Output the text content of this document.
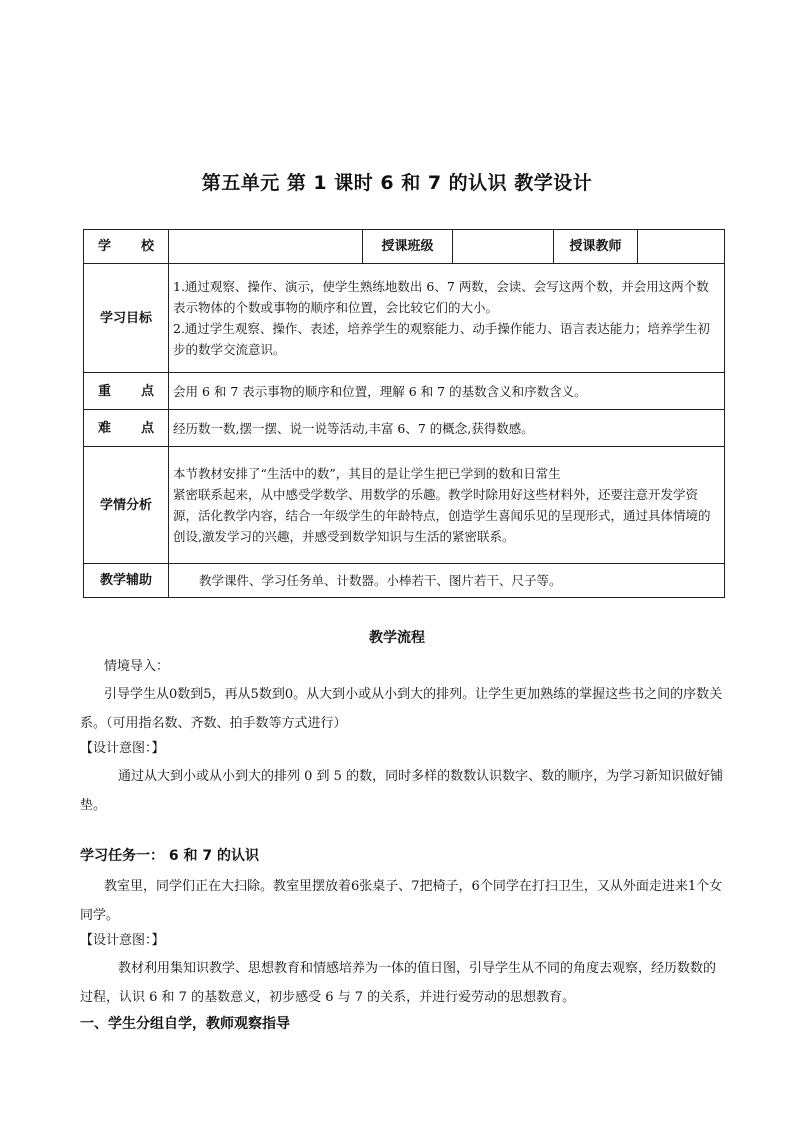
第五单元 第 1 课时 6 和 7 的认识 教学设计
学 校		授课班级		授课教师	
学习目标	1.通过观察、操作、演示，使学生熟练地数出 6、7 两数，会读、会写这两个数，并会用这两个数表示物体的个数或事物的顺序和位置，会比较它们的大小。
2.通过学生观察、操作、表述，培养学生的观察能力、动手操作能力、语言表达能力；培养学生初步的数学交流意识。				

重 点	会用 6 和 7 表示事物的顺序和位置，理解 6 和 7 的基数含义和序数含义。				
难 点	经历数一数,摆一摆、说一说等活动,丰富 6、7 的概念,获得数感。				
学情分析	本节教材安排了“生活中的数”，其目的是让学生把已学到的数和日常生
紧密联系起来，从中感受学数学、用数学的乐趣。教学时除用好这些材料外，还要注意开发学资源，活化教学内容，结合一年级学生的年龄特点，创造学生喜闻乐见的呈现形式，通过具体情境的创设,激发学习的兴趣，并感受到数学知识与生活的紧密联系。				

教学辅助	教学课件、学习任务单、计数器。小棒若干、图片若干、尺子等。				
教学流程

情境导入：

引导学生从0数到5，再从5数到0。从大到小或从小到大的排列。让学生更加熟练的掌握这些书之间的序数关系。（可用指名数、齐数、拍手数等方式进行）

【设计意图：】

通过从大到小或从小到大的排列 0 到 5 的数，同时多样的数数认识数字、数的顺序，为学习新知识做好铺垫。

学习任务一： 6 和 7 的认识

教室里，同学们正在大扫除。教室里摆放着6张桌子、7把椅子，6个同学在打扫卫生，又从外面走进来1个女同学。

【设计意图：】

教材利用集知识教学、思想教育和情感培养为一体的值日图，引导学生从不同的角度去观察，经历数数的过程，认识 6 和 7 的基数意义，初步感受 6 与 7 的关系，并进行爱劳动的思想教育。

一、学生分组自学，教师观察指导
